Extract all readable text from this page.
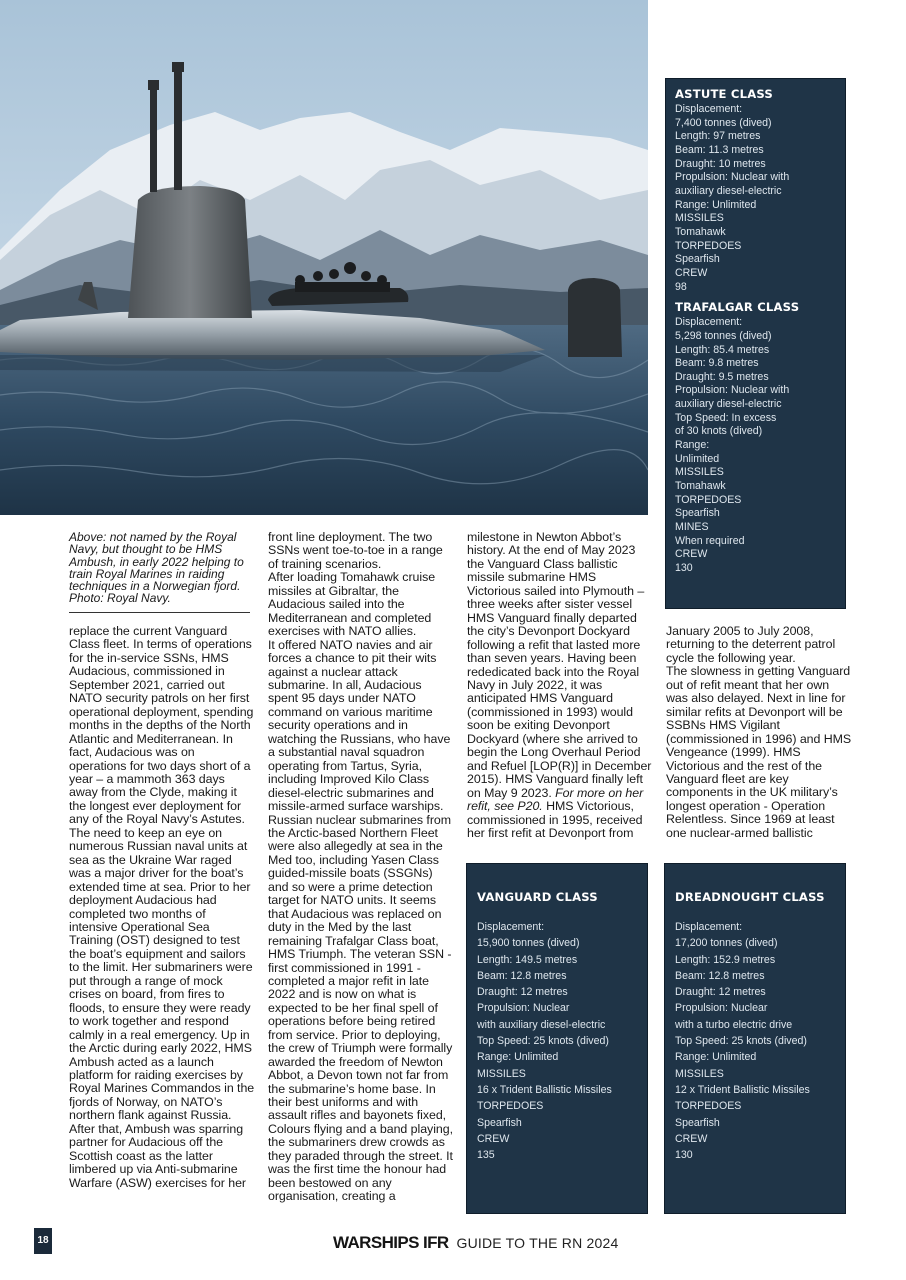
Above: not named by the Royal Navy, but thought to be HMS Ambush, in early 2022 helping to train Royal Marines in raiding techniques in a Norwegian fjord. Photo: Royal Navy.

replace the current Vanguard Class fleet. In terms of operations for the in-service SSNs, HMS Audacious, commissioned in September 2021, carried out NATO security patrols on her first operational deployment, spending months in the depths of the North Atlantic and Mediterranean. In fact, Audacious was on operations for two days short of a year – a mammoth 363 days away from the Clyde, making it the longest ever deployment for any of the Royal Navy’s Astutes. The need to keep an eye on numerous Russian naval units at sea as the Ukraine War raged was a major driver for the boat’s extended time at sea. Prior to her deployment Audacious had completed two months of intensive Operational Sea Training (OST) designed to test the boat’s equipment and sailors to the limit. Her submariners were put through a range of mock crises on board, from fires to floods, to ensure they were ready to work together and respond calmly in a real emergency. Up in the Arctic during early 2022, HMS Ambush acted as a launch platform for raiding exercises by Royal Marines Commandos in the fjords of Norway, on NATO’s northern flank against Russia. After that, Ambush was sparring partner for Audacious off the Scottish coast as the latter limbered up via Anti-submarine Warfare (ASW) exercises for her

front line deployment. The two SSNs went toe-to-toe in a range of training scenarios.

After loading Tomahawk cruise missiles at Gibraltar, the Audacious sailed into the Mediterranean and completed exercises with NATO allies.

It offered NATO navies and air forces a chance to pit their wits against a nuclear attack submarine. In all, Audacious spent 95 days under NATO command on various maritime security operations and in watching the Russians, who have a substantial naval squadron operating from Tartus, Syria, including Improved Kilo Class diesel-electric submarines and missile-armed surface warships. Russian nuclear submarines from the Arctic-based Northern Fleet were also allegedly at sea in the Med too, including Yasen Class guided-missile boats (SSGNs) and so were a prime detection target for NATO units. It seems that Audacious was replaced on duty in the Med by the last remaining Trafalgar Class boat, HMS Triumph. The veteran SSN - first commissioned in 1991 - completed a major refit in late 2022 and is now on what is expected to be her final spell of operations before being retired from service. Prior to deploying, the crew of Triumph were formally awarded the freedom of Newton Abbot, a Devon town not far from the submarine’s home base. In their best uniforms and with assault rifles and bayonets fixed, Colours flying and a band playing, the submariners drew crowds as they paraded through the street. It was the first time the honour had been bestowed on any organisation, creating a

milestone in Newton Abbot’s history. At the end of May 2023 the Vanguard Class ballistic missile submarine HMS Victorious sailed into Plymouth – three weeks after sister vessel HMS Vanguard finally departed the city’s Devonport Dockyard following a refit that lasted more than seven years. Having been rededicated back into the Royal Navy in July 2022, it was anticipated HMS Vanguard (commissioned in 1993) would soon be exiting Devonport Dockyard (where she arrived to begin the Long Overhaul Period and Refuel [LOP(R)] in December 2015). HMS Vanguard finally left on May 9 2023. For more on her refit, see P20. HMS Victorious, commissioned in 1995, received her first refit at Devonport from

January 2005 to July 2008, returning to the deterrent patrol cycle the following year.

The slowness in getting Vanguard out of refit meant that her own was also delayed. Next in line for similar refits at Devonport will be SSBNs HMS Vigilant (commissioned in 1996) and HMS Vengeance (1999). HMS Victorious and the rest of the Vanguard fleet are key components in the UK military’s longest operation - Operation Relentless. Since 1969 at least one nuclear-armed ballistic

ASTUTE CLASS
Displacement:
7,400 tonnes (dived)
Length: 97 metres
Beam: 11.3 metres
Draught: 10 metres
Propulsion: Nuclear with
auxiliary diesel-electric
Range: Unlimited
MISSILES
Tomahawk
TORPEDOES
Spearfish
CREW
98
TRAFALGAR CLASS
Displacement:
5,298 tonnes (dived)
Length: 85.4 metres
Beam: 9.8 metres
Draught: 9.5 metres
Propulsion: Nuclear with
auxiliary diesel-electric
Top Speed: In excess
of 30 knots (dived)
Range:
Unlimited
MISSILES
Tomahawk
TORPEDOES
Spearfish
MINES
When required
CREW
130
VANGUARD CLASS
Displacement:
15,900 tonnes (dived)
Length: 149.5 metres
Beam: 12.8 metres
Draught: 12 metres
Propulsion: Nuclear
with auxiliary diesel-electric
Top Speed: 25 knots (dived)
Range: Unlimited
MISSILES
16 x Trident Ballistic Missiles
TORPEDOES
Spearfish
CREW
135
DREADNOUGHT CLASS
Displacement:
17,200 tonnes (dived)
Length: 152.9 metres
Beam: 12.8 metres
Draught: 12 metres
Propulsion: Nuclear
with a turbo electric drive
Top Speed: 25 knots (dived)
Range: Unlimited
MISSILES
12 x Trident Ballistic Missiles
TORPEDOES
Spearfish
CREW
130
18	WARSHIPS IFR GUIDE TO THE RN 2024
